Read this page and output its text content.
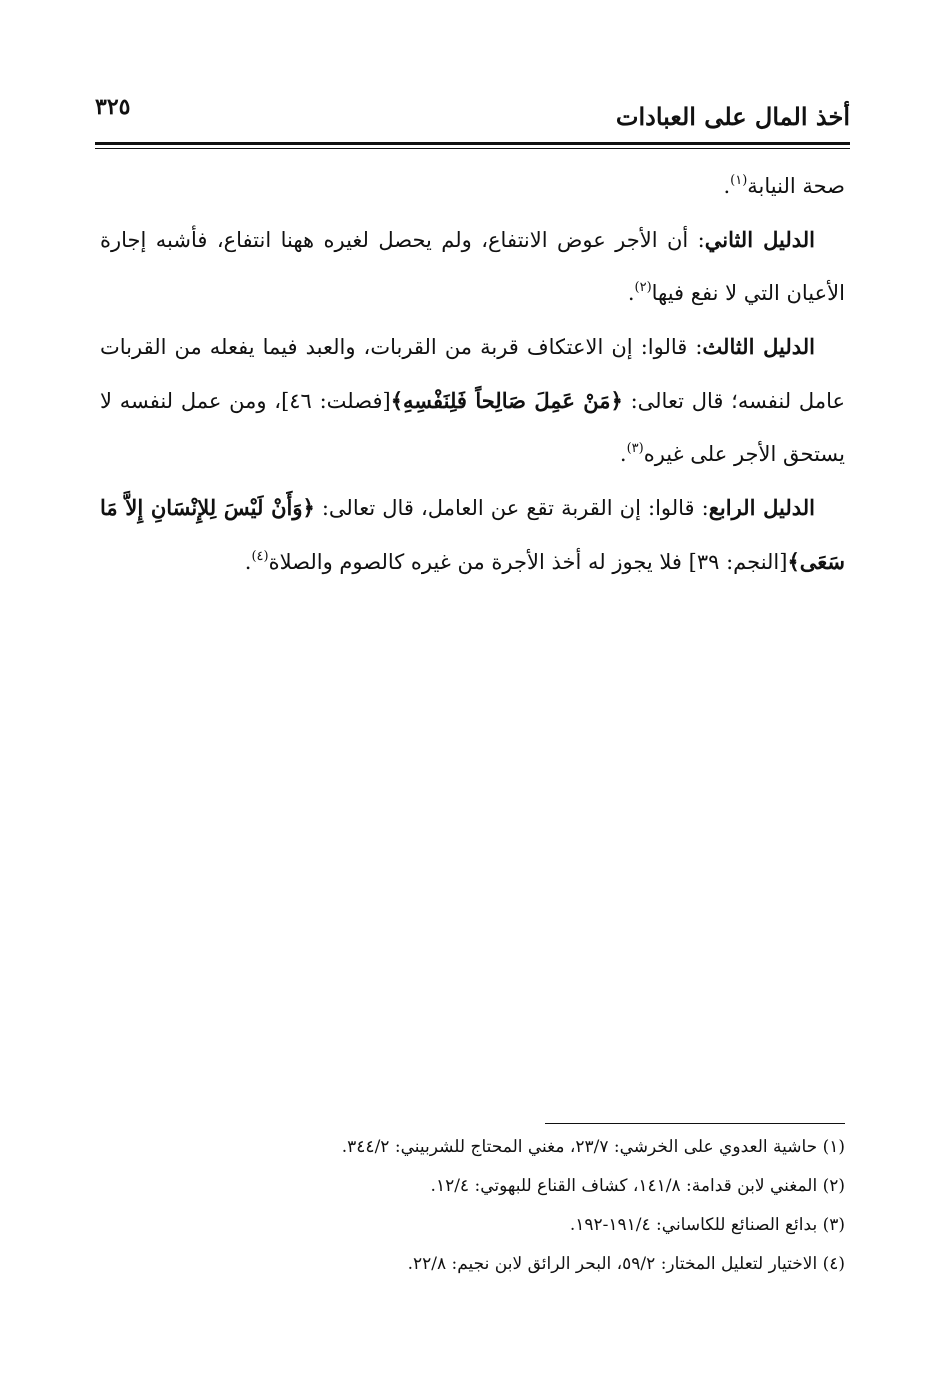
أخذ المال على العبادات
٣٢٥

صحة النيابة$^{(١)}$.

الدليل الثاني: أن الأجر عوض الانتفاع، ولم يحصل لغيره ههنا انتفاع، فأشبه إجارة الأعيان التي لا نفع فيها$^{(٢)}$.

الدليل الثالث: قالوا: إن الاعتكاف قربة من القربات، والعبد فيما يفعله من القربات عامل لنفسه؛ قال تعالى: ﴿مَنْ عَمِلَ صَالِحاً فَلِنَفْسِهِ﴾[فصلت: ٤٦]، ومن عمل لنفسه لا يستحق الأجر على غيره$^{(٣)}$.

الدليل الرابع: قالوا: إن القربة تقع عن العامل، قال تعالى: ﴿وَأَنْ لَيْسَ لِلإِنْسَانِ إِلاَّ مَا سَعَى﴾[النجم: ٣٩] فلا يجوز له أخذ الأجرة من غيره كالصوم والصلاة$^{(٤)}$.

(١) حاشية العدوي على الخرشي: ٢٣/٧، مغني المحتاج للشربيني: ٣٤٤/٢.

(٢) المغني لابن قدامة: ١٤١/٨، كشاف القناع للبهوتي: ١٢/٤.

(٣) بدائع الصنائع للكاساني: ١٩١/٤-١٩٢.

(٤) الاختيار لتعليل المختار: ٥٩/٢، البحر الرائق لابن نجيم: ٢٢/٨.
